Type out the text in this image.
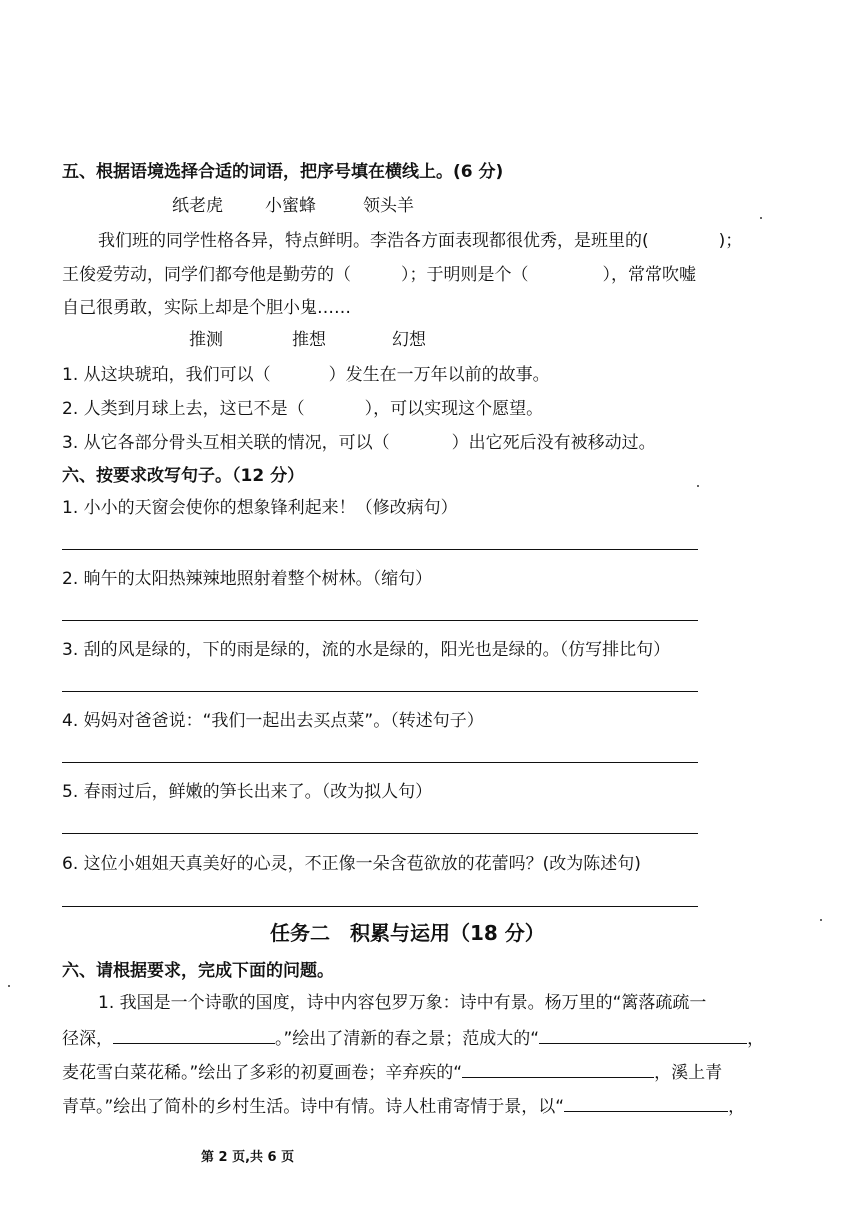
五、根据语境选择合适的词语，把序号填在横线上。(6 分)
纸老虎 小蜜蜂	领头羊
我们班的同学性格各异，特点鲜明。李浩各方面表现都很优秀，是班里的(	)；
王俊爱劳动，同学们都夸他是勤劳的（	）；于明则是个（	），常常吹嘘
自己很勇敢，实际上却是个胆小鬼……
推测	推想	幻想
1. 从这块琥珀，我们可以（	）发生在一万年以前的故事。
2. 人类到月球上去，这已不是（	），可以实现这个愿望。
3. 从它各部分骨头互相关联的情况，可以（	）出它死后没有被移动过。
六、按要求改写句子。（12 分）
1. 小小的天窗会使你的想象锋利起来！（修改病句）
2. 晌午的太阳热辣辣地照射着整个树林。（缩句）
3. 刮的风是绿的，下的雨是绿的，流的水是绿的，阳光也是绿的。（仿写排比句）
4. 妈妈对爸爸说：“我们一起出去买点菜”。（转述句子）
5. 春雨过后，鲜嫩的笋长出来了。（改为拟人句）
6. 这位小姐姐天真美好的心灵，不正像一朵含苞欲放的花蕾吗？(改为陈述句)
任务二　积累与运用（18 分）
六、请根据要求，完成下面的问题。
1. 我国是一个诗歌的国度，诗中内容包罗万象：诗中有景。杨万里的“篱落疏疏一
径深，	。”绘出了清新的春之景；范成大的“	，
麦花雪白菜花稀。”绘出了多彩的初夏画卷；辛弃疾的“	，溪上青
青草。”绘出了简朴的乡村生活。诗中有情。诗人杜甫寄情于景，以“	，
第 2 页,共 6 页
